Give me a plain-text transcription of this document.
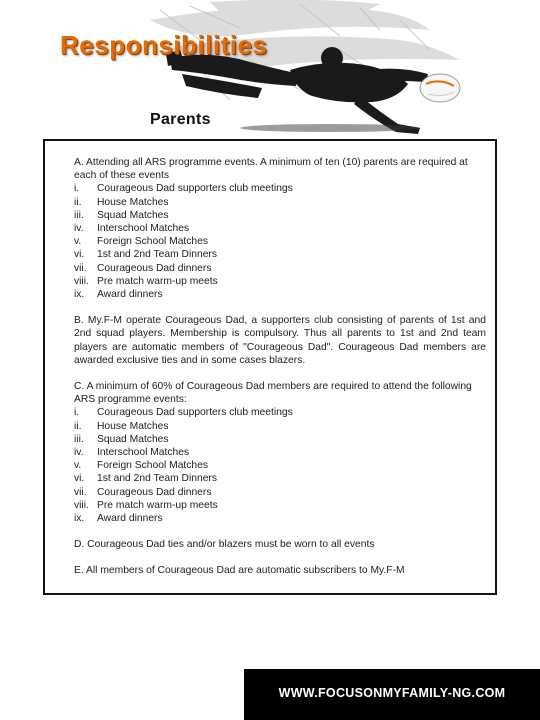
Responsibilities
Parents

A. Attending all ARS programme events. A minimum of ten (10) parents are required at each of these events

i.	Courageous Dad supporters club meetings
ii.	House Matches
iii.	Squad Matches
iv.	Interschool Matches
v.	Foreign School Matches
vi.	1st and 2nd Team Dinners
vii.	Courageous Dad dinners
viii. Pre match warm-up meets
ix.	Award dinners

B. My.F-M operate Courageous Dad, a supporters club consisting of parents of 1st and 2nd squad players. Membership is compulsory. Thus all parents to 1st and 2nd team players are automatic members of "Courageous Dad". Courageous Dad members are awarded exclusive ties and in some cases blazers.

C. A minimum of 60% of Courageous Dad members are required to attend the following ARS programme events:

i.	Courageous Dad supporters club meetings
ii.	House Matches
iii.	Squad Matches
iv.	Interschool Matches
v.	Foreign School Matches
vi.	1st and 2nd Team Dinners
vii.	Courageous Dad dinners
viii. Pre match warm-up meets
ix.	Award dinners

D. Courageous Dad ties and/or blazers must be worn to all events

E. All members of Courageous Dad are automatic subscribers to My.F-M

WWW.FOCUSONMYFAMILY-NG.COM
